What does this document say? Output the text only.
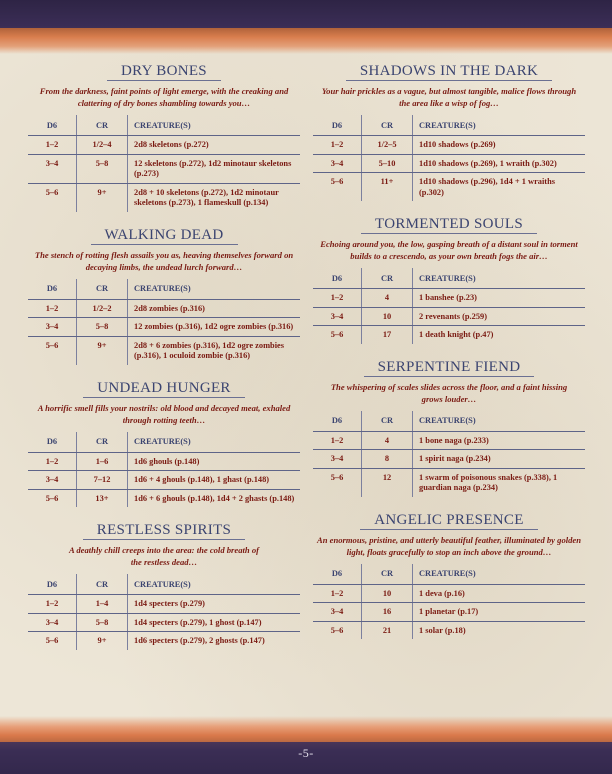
DRY BONES
From the darkness, faint points of light emerge, with the creaking and clattering of dry bones shambling towards you…
D6	CR	CREATURE(S)
1–2	1/2–4	2d8 skeletons (p.272)
3–4	5–8	12 skeletons (p.272), 1d2 minotaur skeletons (p.273)
5–6	9+	2d8 + 10 skeletons (p.272), 1d2 minotaur skeletons (p.273), 1 flameskull (p.134)
WALKING DEAD
The stench of rotting flesh assails you as, heaving themselves forward on decaying limbs, the undead lurch forward…
D6	CR	CREATURE(S)
1–2	1/2–2	2d8 zombies (p.316)
3–4	5–8	12 zombies (p.316), 1d2 ogre zombies (p.316)
5–6	9+	2d8 + 6 zombies (p.316), 1d2 ogre zombies (p.316), 1 oculoid zombie (p.316)
UNDEAD HUNGER
A horrific smell fills your nostrils: old blood and decayed meat, exhaled through rotting teeth…
D6	CR	CREATURE(S)
1–2	1–6	1d6 ghouls (p.148)
3–4	7–12	1d6 + 4 ghouls (p.148), 1 ghast (p.148)
5–6	13+	1d6 + 6 ghouls (p.148), 1d4 + 2 ghasts (p.148)
RESTLESS SPIRITS
A deathly chill creeps into the area: the cold breath of the restless dead…
D6	CR	CREATURE(S)
1–2	1–4	1d4 specters (p.279)
3–4	5–8	1d4 specters (p.279), 1 ghost (p.147)
5–6	9+	1d6 specters (p.279), 2 ghosts (p.147)
SHADOWS IN THE DARK
Your hair prickles as a vague, but almost tangible, malice flows through the area like a wisp of fog…
D6	CR	CREATURE(S)
1–2	1/2–5	1d10 shadows (p.269)
3–4	5–10	1d10 shadows (p.269), 1 wraith (p.302)
5–6	11+	1d10 shadows (p.296), 1d4 + 1 wraiths (p.302)
TORMENTED SOULS
Echoing around you, the low, gasping breath of a distant soul in torment builds to a crescendo, as your own breath fogs the air…
D6	CR	CREATURE(S)
1–2	4	1 banshee (p.23)
3–4	10	2 revenants (p.259)
5–6	17	1 death knight (p.47)
SERPENTINE FIEND
The whispering of scales slides across the floor, and a faint hissing grows louder…
D6	CR	CREATURE(S)
1–2	4	1 bone naga (p.233)
3–4	8	1 spirit naga (p.234)
5–6	12	1 swarm of poisonous snakes (p.338), 1 guardian naga (p.234)
ANGELIC PRESENCE
An enormous, pristine, and utterly beautiful feather, illuminated by golden light, floats gracefully to stop an inch above the ground…
D6	CR	CREATURE(S)
1–2	10	1 deva (p.16)
3–4	16	1 planetar (p.17)
5–6	21	1 solar (p.18)
-5-
